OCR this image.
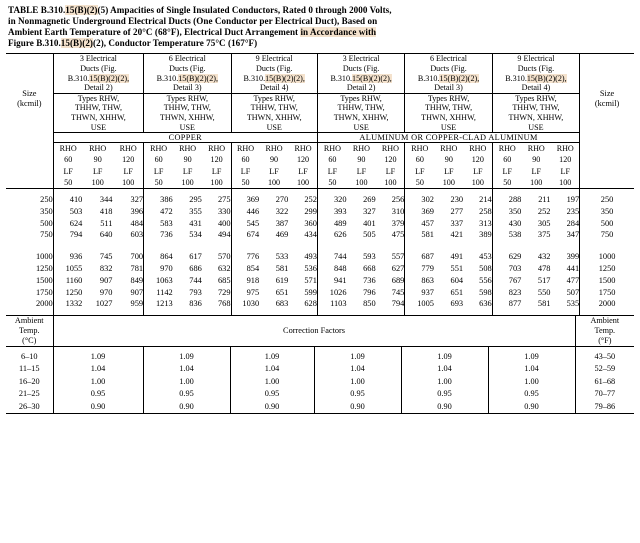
TABLE B.310.15(B)(2)(5) Ampacities of Single Insulated Conductors, Rated 0 through 2000 Volts,
in Nonmagnetic Underground Electrical Ducts (One Conductor per Electrical Duct), Based on
Ambient Earth Temperature of 20°C (68°F), Electrical Duct Arrangement in Accordance with
Figure B.310.15(B)(2)(2), Conductor Temperature 75°C (167°F)
Size
(kcmil)

3 Electrical
Ducts (Fig.
B.310.15(B)(2)(2),
Detail 2)

6 Electrical
Ducts (Fig.
B.310.15(B)(2)(2),
Detail 3)

9 Electrical
Ducts (Fig.
B.310.15(B)(2)(2),
Detail 4)

3 Electrical
Ducts (Fig.
B.310.15(B)(2)(2),
Detail 2)

6 Electrical
Ducts (Fig.
B.310.15(B)(2)(2),
Detail 3)

9 Electrical
Ducts (Fig.
B.310.15(B)(2)(2),
Detail 4)

Size
(kcmil)

Types RHW,
THHW, THW,
THWN, XHHW,
USE

Types RHW,
THHW, THW,
THWN, XHHW,
USE

Types RHW,
THHW, THW,
THWN, XHHW,
USE

Types RHW,
THHW, THW,
THWN, XHHW,
USE

Types RHW,
THHW, THW,
THWN, XHHW,
USE

Types RHW,
THHW, THW,
THWN, XHHW,
USE

	COPPER									ALUMINUM OR COPPER-CLAD ALUMINUM									

RHO RHO RHO
60	90	120
LF LF	LF
50 100 100

RHO RHO RHO
60	90 120
LF LF LF
50 100 100

RHO RHO RHO
60	90 120
LF LF LF
50 100 100

RHO RHO RHO
60	90 120
LF LF LF
50 100 100

RHO RHO RHO
60	90 120
LF LF LF
50 100 100

RHO RHO RHO
60	90 120
LF LF LF
50 100 100

250	410	344	327	386	295	275	369	270	252	320	269	256	302	230	214	288	211	197	250
350	503	418	396	472	355	330	446	322	299	393	327	310	369	277	258	350	252	235	350
500	624	511	484	583	431	400	545	387	360	489	401	379	457	337	313	430	305	284	500
750	794	640	603	736	534	494	674	469	434	626	505	475	581	421	389	538	375	347	750

1000	936	745	700	864	617	570	776	533	493	744	593	557	687	491	453	629	432	399	1000
1250	1055	832	781	970	686	632	854	581	536	848	668	627	779	551	508	703	478	441	1250
1500	1160	907	849	1063	744	685	918	619	571	941	736	689	863	604	556	767	517	477	1500
1750	1250	970	907	1142	793	729	975	651	599	1026	796	745	937	651	598	823	550	507	1750
2000	1332	1027	959	1213	836	768	1030	683	628	1103	850	794	1005	693	636	877	581	535	2000

Ambient
Temp.
(°C)
	Correction Factors	
Ambient
Temp.
(°F)

6–10	1.09	1.09	1.09	1.09	1.09	1.09	43–50
11–15	1.04	1.04	1.04	1.04	1.04	1.04	52–59
16–20	1.00	1.00	1.00	1.00	1.00	1.00	61–68
21–25	0.95	0.95	0.95	0.95	0.95	0.95	70–77
26–30	0.90	0.90	0.90	0.90	0.90	0.90	79–86
